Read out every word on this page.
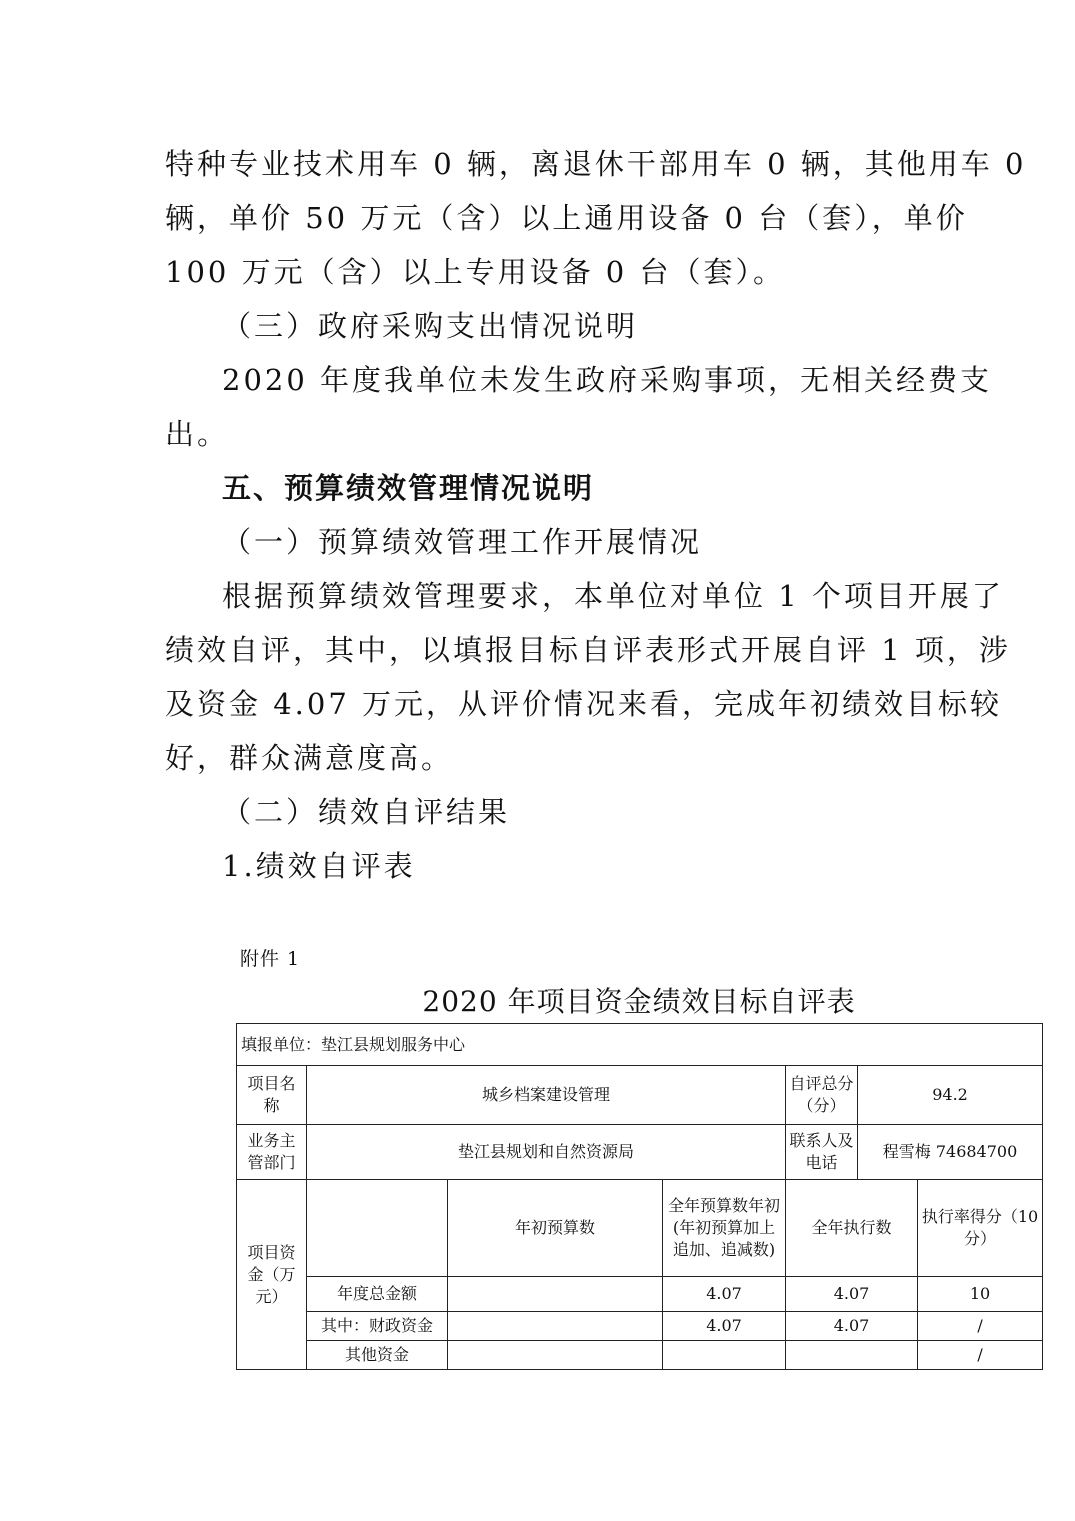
特种专业技术用车 0 辆，离退休干部用车 0 辆，其他用车 0
辆，单价 50 万元（含）以上通用设备 0 台（套），单价
100 万元（含）以上专用设备 0 台（套）。
（三）政府采购支出情况说明
2020 年度我单位未发生政府采购事项，无相关经费支
出。
五、预算绩效管理情况说明
（一）预算绩效管理工作开展情况
根据预算绩效管理要求，本单位对单位 1 个项目开展了
绩效自评，其中，以填报目标自评表形式开展自评 1 项，涉
及资金 4.07 万元，从评价情况来看，完成年初绩效目标较
好，群众满意度高。
（二）绩效自评结果
1.绩效自评表
附件 1
2020 年项目资金绩效目标自评表
填报单位：垫江县规划服务中心						
项目名称	城乡档案建设管理			自评总分（分）	94.2	
业务主管部门	垫江县规划和自然资源局			联系人及电话	程雪梅 74684700	
项目资金（万元）		年初预算数	全年预算数年初(年初预算加上追加、追减数)	全年执行数		执行率得分（10 分）
	年度总金额		4.07	4.07		10
	其中：财政资金		4.07	4.07		/
	其他资金					/
